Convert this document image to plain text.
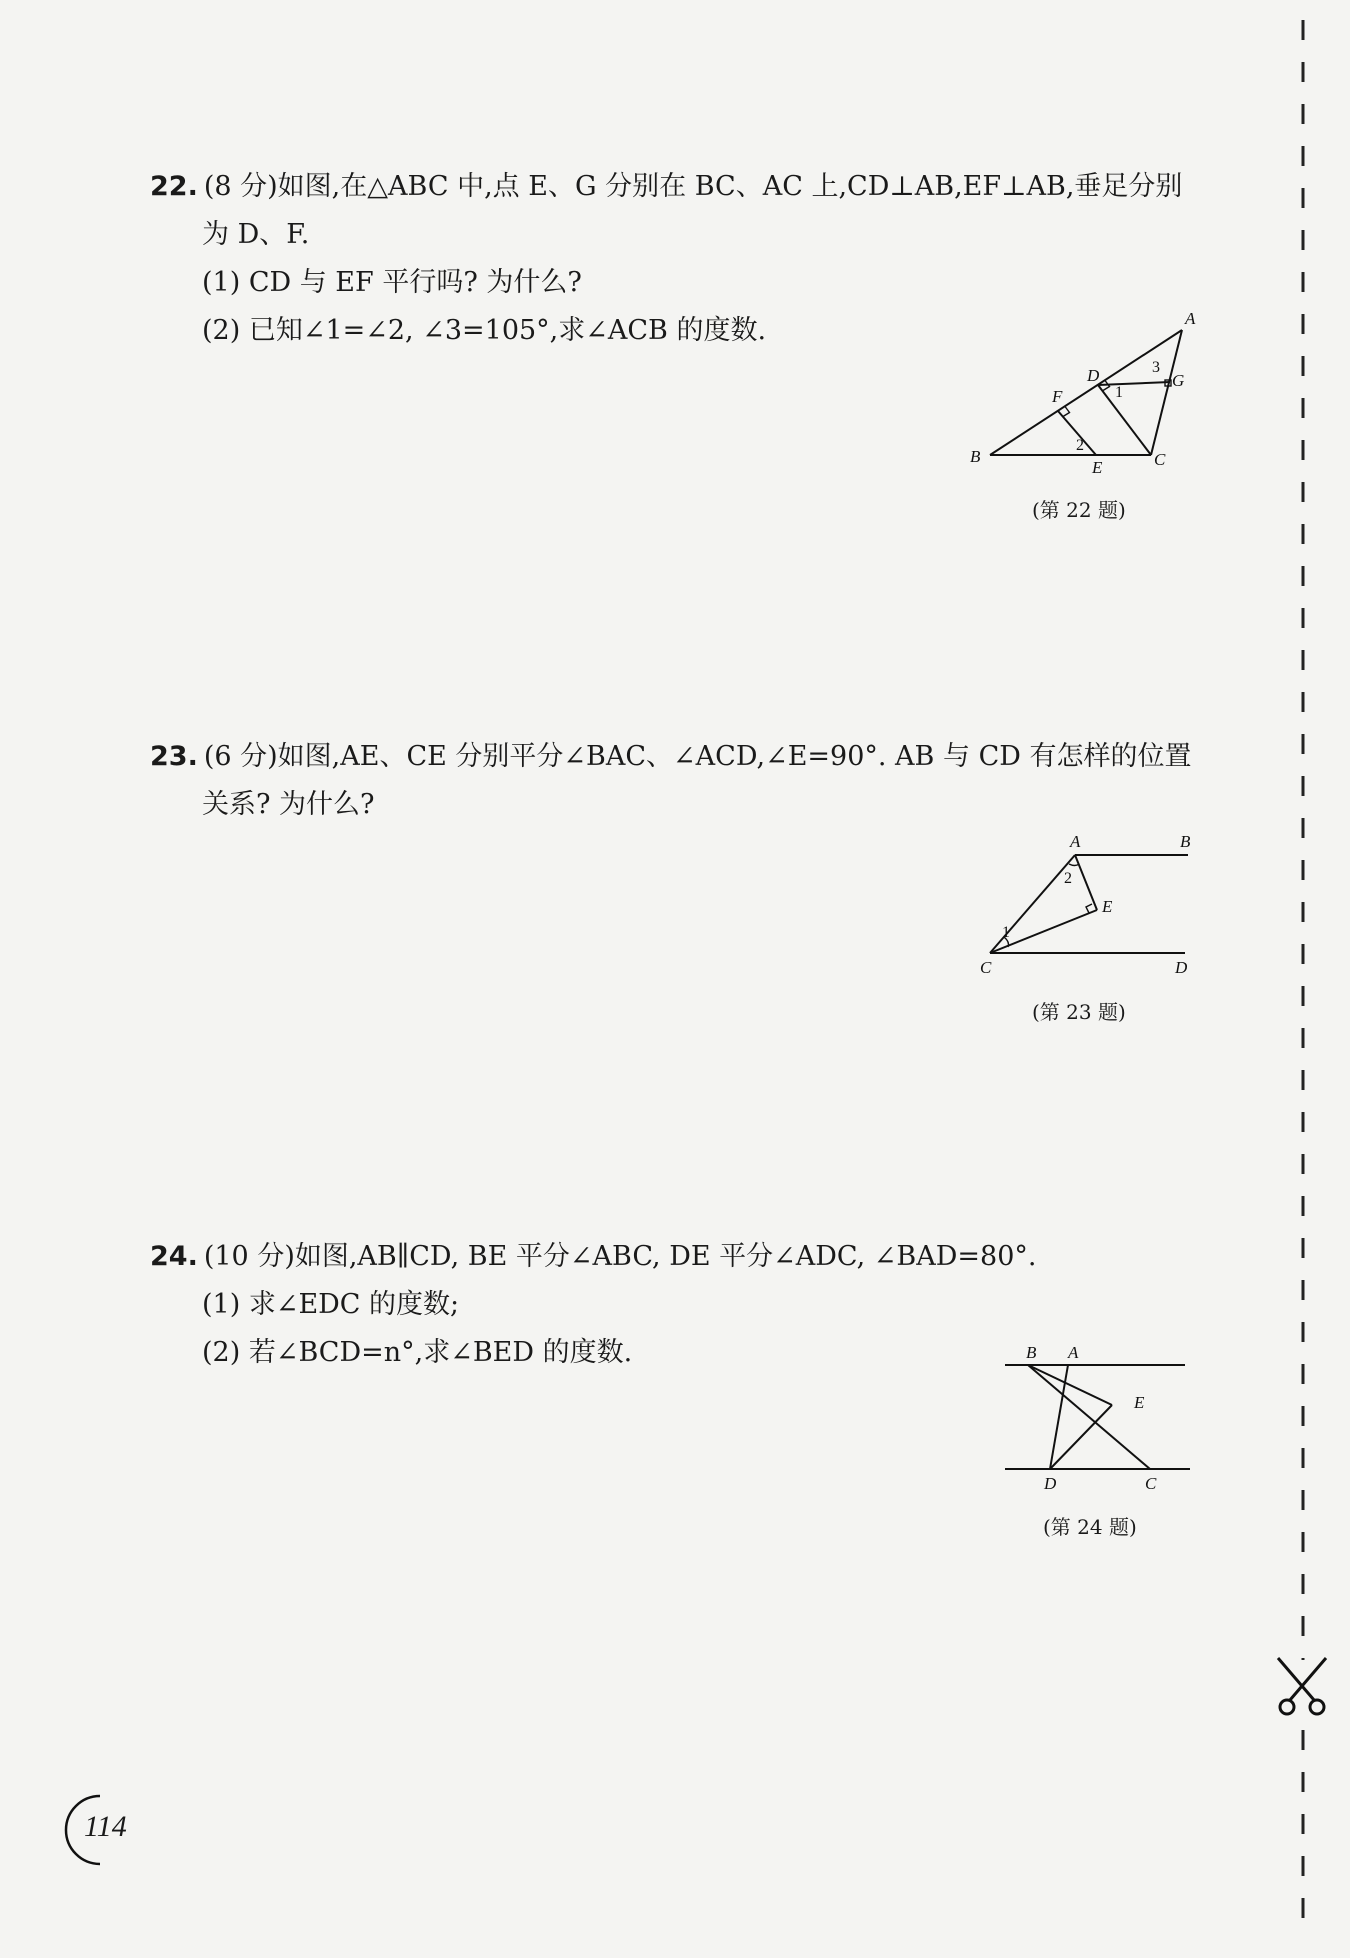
22. (8 分)如图,在△ABC 中,点 E、G 分别在 BC、AC 上,CD⊥AB,EF⊥AB,垂足分别
为 D、F.
(1) CD 与 EF 平行吗? 为什么?
(2) 已知∠1=∠2, ∠3=105°,求∠ACB 的度数.	A
B	C
D
E
F
G
1
2
3
(第 22 题)
23. (6 分)如图,AE、CE 分别平分∠BAC、∠ACD,∠E=90°. AB 与 CD 有怎样的位置
关系? 为什么?
A	B
C	D
E
1
2
(第 23 题)
24. (10 分)如图,AB∥CD, BE 平分∠ABC, DE 平分∠ADC, ∠BAD=80°.
(1) 求∠EDC 的度数;
(2) 若∠BCD=n°,求∠BED 的度数.	B A
E
D	C
(第 24 题)
114
